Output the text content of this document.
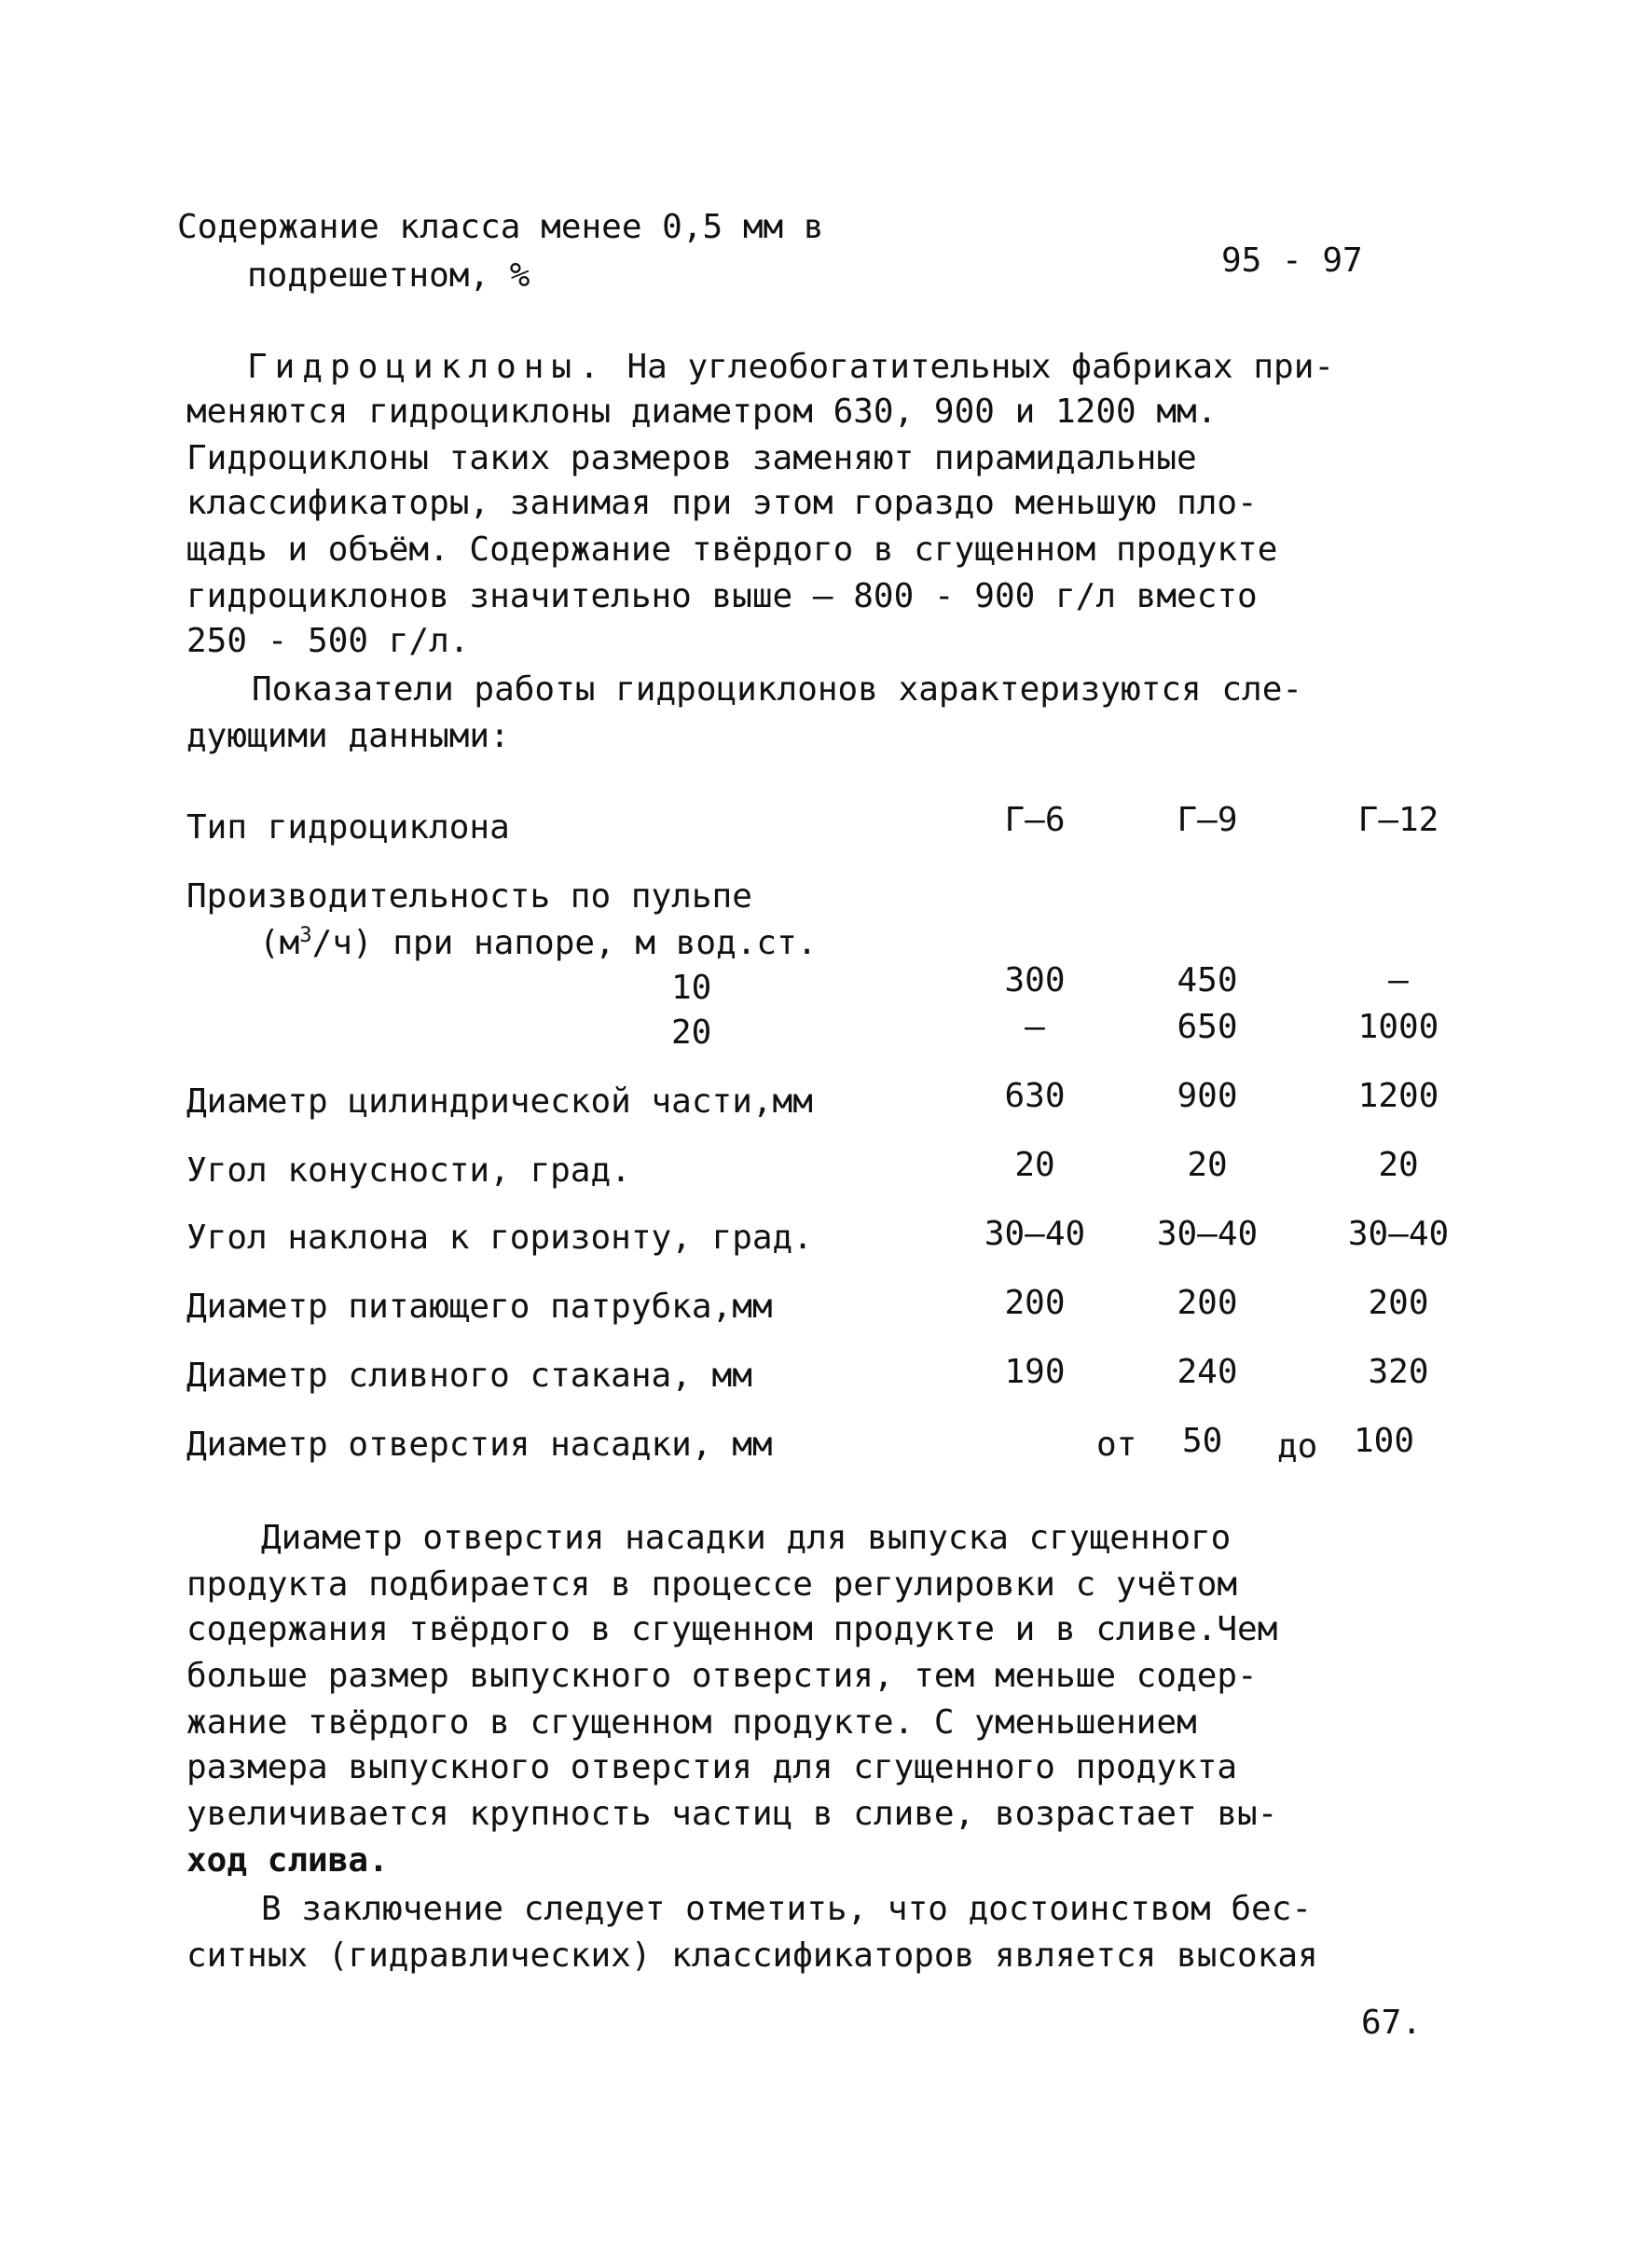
Содержание класса менее 0,5 мм в
подрешетном, %	95 - 97
Гидроциклоны. На углеобогатительных фабриках при-
меняются гидроциклоны диаметром 630, 900 и 1200 мм.
Гидроциклоны таких размеров заменяют пирамидальные
классификаторы, занимая при этом гораздо меньшую пло-
щадь и объём. Содержание твёрдого в сгущенном продукте
гидроциклонов значительно выше – 800 - 900 г/л вместо
250 - 500 г/л.
Показатели работы гидроциклонов характеризуются сле-
дующими данными:
Тип гидроциклона	Г–6	Г–9	Г–12
Производительность по пульпе
$(м^3/ч)$ при напоре, м вод.ст.
10	300	450	–
20	–	650	1000
Диаметр цилиндрической части,мм	630	900	1200
Угол конусности, град.	20	20	20
Угол наклона к горизонту, град.	30–40	30–40	30–40
Диаметр питающего патрубка,мм	200	200	200
Диаметр сливного стакана, мм	190	240	320
Диаметр отверстия насадки, мм	от 50 до 100
Диаметр отверстия насадки для выпуска сгущенного
продукта подбирается в процессе регулировки с учётом
содержания твёрдого в сгущенном продукте и в сливе.Чем
больше размер выпускного отверстия, тем меньше содер-
жание твёрдого в сгущенном продукте. С уменьшением
размера выпускного отверстия для сгущенного продукта
увеличивается крупность частиц в сливе, возрастает вы-
ход слива.
В заключение следует отметить, что достоинством бес-
ситных (гидравлических) классификаторов является высокая
67.
